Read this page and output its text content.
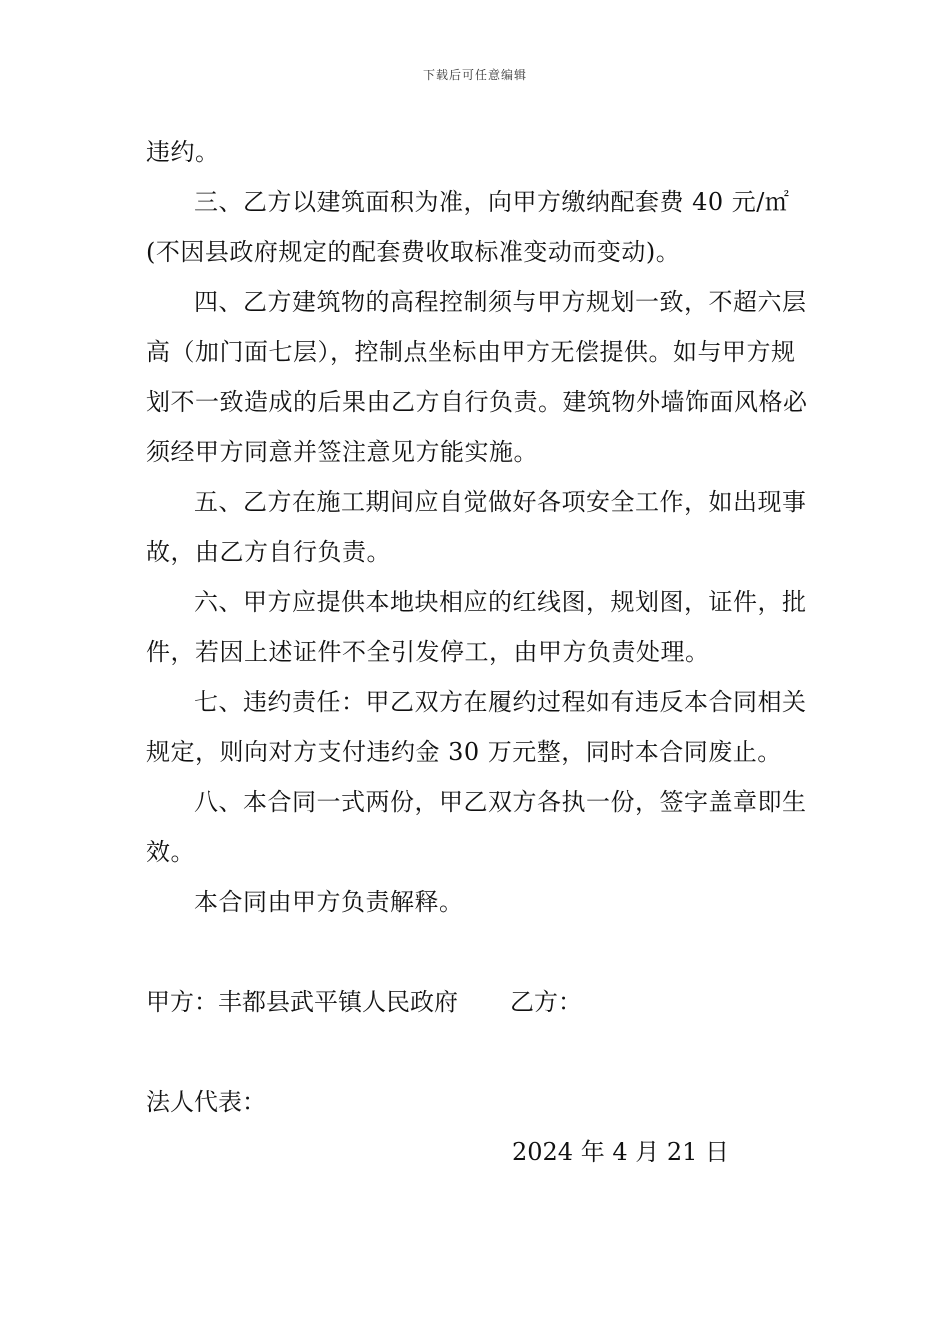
下载后可任意编辑

违约。

三、乙方以建筑面积为准，向甲方缴纳配套费 40 元/㎡(不因县政府规定的配套费收取标准变动而变动)。

四、乙方建筑物的高程控制须与甲方规划一致，不超六层高（加门面七层），控制点坐标由甲方无偿提供。如与甲方规划不一致造成的后果由乙方自行负责。建筑物外墙饰面风格必须经甲方同意并签注意见方能实施。

五、乙方在施工期间应自觉做好各项安全工作，如出现事故，由乙方自行负责。

六、甲方应提供本地块相应的红线图，规划图，证件，批件，若因上述证件不全引发停工，由甲方负责处理。

七、违约责任：甲乙双方在履约过程如有违反本合同相关规定，则向对方支付违约金 30 万元整，同时本合同废止。

八、本合同一式两份，甲乙双方各执一份，签字盖章即生效。

本合同由甲方负责解释。

甲方：丰都县武平镇人民政府 乙方：

法人代表：

2024 年 4 月 21 日
